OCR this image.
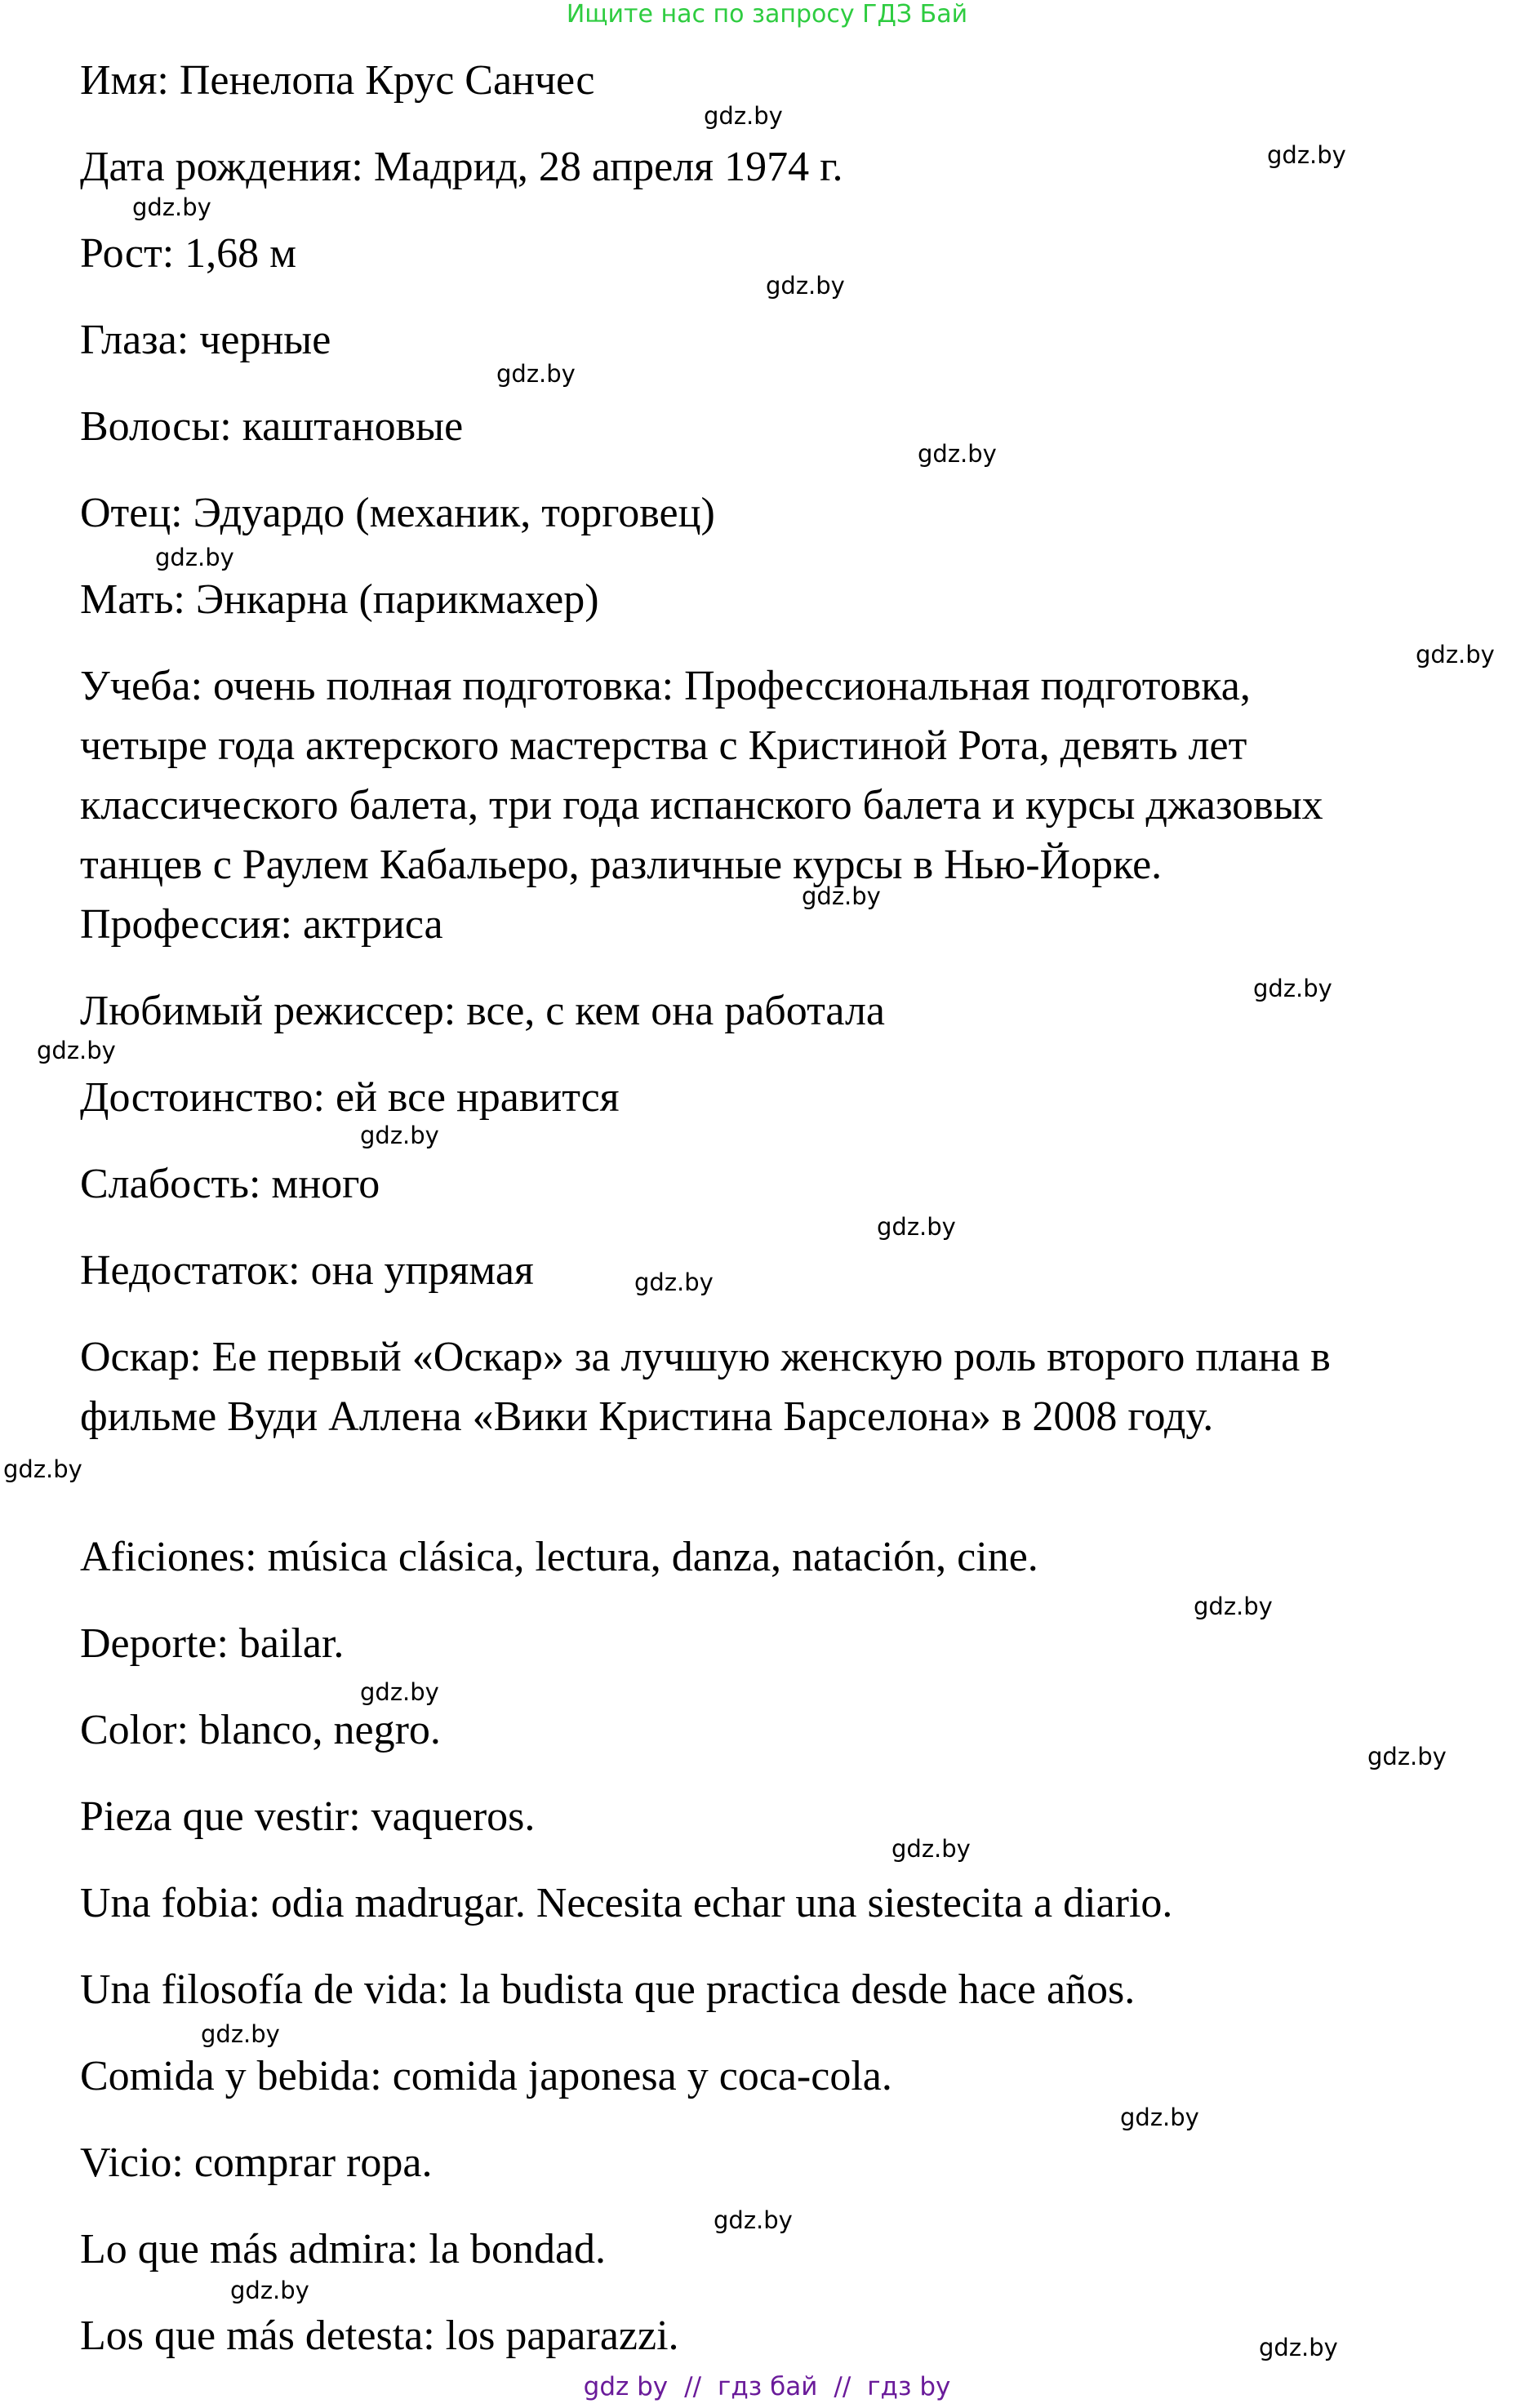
Ищите нас по запросу ГДЗ Бай
Имя: Пенелопа Крус Санчес
Дата рождения: Мадрид, 28 апреля 1974 г.
Рост: 1,68 м
Глаза: черные
Волосы: каштановые
Отец: Эдуардо (механик, торговец)
Мать: Энкарна (парикмахер)
Учеба: очень полная подготовка: Профессиональная подготовка,
четыре года актерского мастерства с Кристиной Рота, девять лет
классического балета, три года испанского балета и курсы джазовых
танцев с Раулем Кабальеро, различные курсы в Нью-Йорке.
Профессия: актриса
Любимый режиссер: все, с кем она работала
Достоинство: ей все нравится
Слабость: много
Недостаток: она упрямая
Оскар: Ее первый «Оскар» за лучшую женскую роль второго плана в
фильме Вуди Аллена «Вики Кристина Барселона» в 2008 году.
Aficiones: música clásica, lectura, danza, natación, cine.
Deporte: bailar.
Color: blanco, negro.
Pieza que vestir: vaqueros.
Una fobia: odia madrugar. Necesita echar una siestecita a diario.
Una filosofía de vida: la budista que practica desde hace años.
Comida y bebida: comida japonesa y coca-cola.
Vicio: comprar ropa.
Lo que más admira: la bondad.
Los que más detesta: los paparazzi.
gdz.by
gdz.by
gdz.by
gdz.by
gdz.by
gdz.by
gdz.by
gdz.by
gdz.by
gdz.by
gdz.by
gdz.by
gdz.by
gdz.by
gdz.by
gdz.by
gdz.by
gdz.by
gdz.by
gdz.by
gdz.by
gdz.by
gdz.by
gdz.by
gdz by // гдз бай // гдз by
